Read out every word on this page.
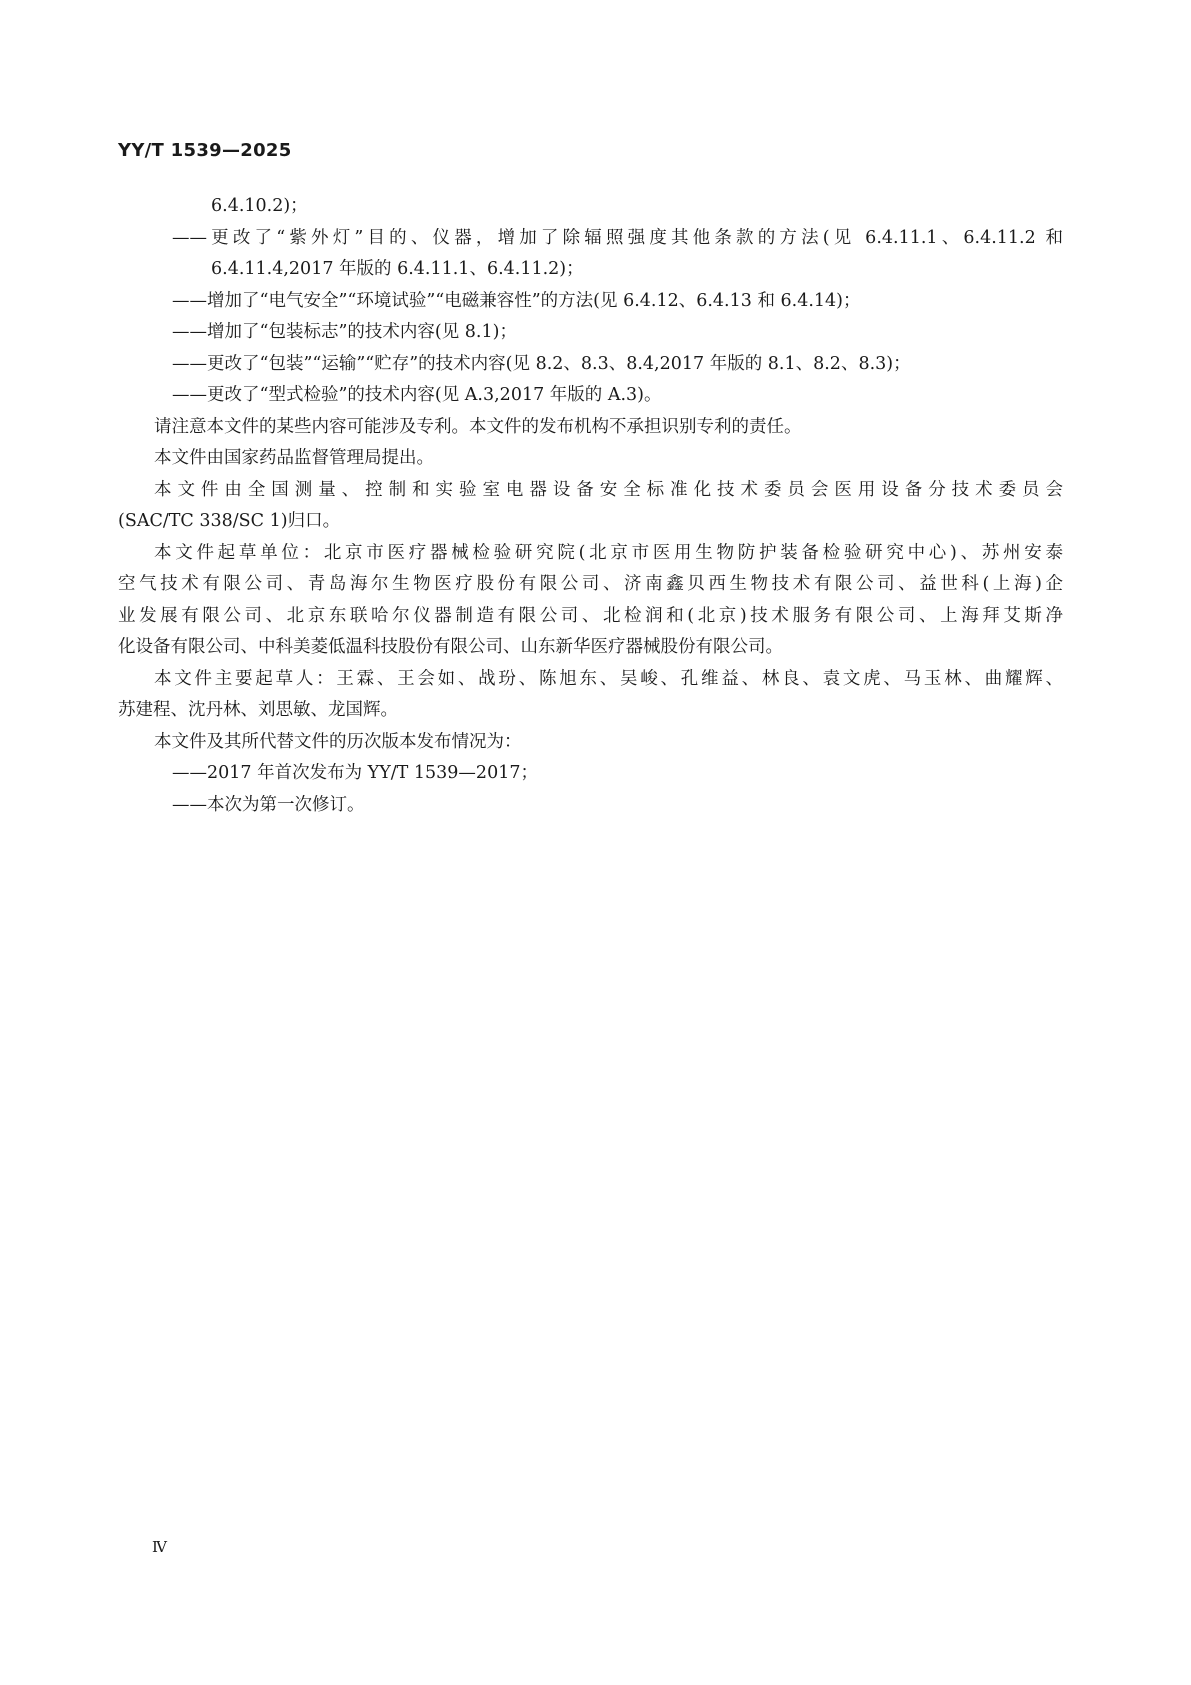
YY/T 1539—2025
6.4.10.2)；
——更改了“紫外灯”目的、仪器，增加了除辐照强度其他条款的方法(见 6.4.11.1、6.4.11.2 和
6.4.11.4,2017 年版的 6.4.11.1、6.4.11.2)；
——增加了“电气安全”“环境试验”“电磁兼容性”的方法(见 6.4.12、6.4.13 和 6.4.14)；
——增加了“包装标志”的技术内容(见 8.1)；
——更改了“包装”“运输”“贮存”的技术内容(见 8.2、8.3、8.4,2017 年版的 8.1、8.2、8.3)；
——更改了“型式检验”的技术内容(见 A.3,2017 年版的 A.3)。
请注意本文件的某些内容可能涉及专利。本文件的发布机构不承担识别专利的责任。
本文件由国家药品监督管理局提出。
本文件由全国测量、控制和实验室电器设备安全标准化技术委员会医用设备分技术委员会
(SAC/TC 338/SC 1)归口。
本文件起草单位：北京市医疗器械检验研究院(北京市医用生物防护装备检验研究中心)、苏州安泰
空气技术有限公司、青岛海尔生物医疗股份有限公司、济南鑫贝西生物技术有限公司、益世科(上海)企
业发展有限公司、北京东联哈尔仪器制造有限公司、北检润和(北京)技术服务有限公司、上海拜艾斯净
化设备有限公司、中科美菱低温科技股份有限公司、山东新华医疗器械股份有限公司。
本文件主要起草人：王霖、王会如、战玢、陈旭东、吴峻、孔维益、林良、袁文虎、马玉林、曲耀辉、
苏建程、沈丹林、刘思敏、龙国辉。
本文件及其所代替文件的历次版本发布情况为：
——2017 年首次发布为 YY/T 1539—2017；
——本次为第一次修订。
Ⅳ
